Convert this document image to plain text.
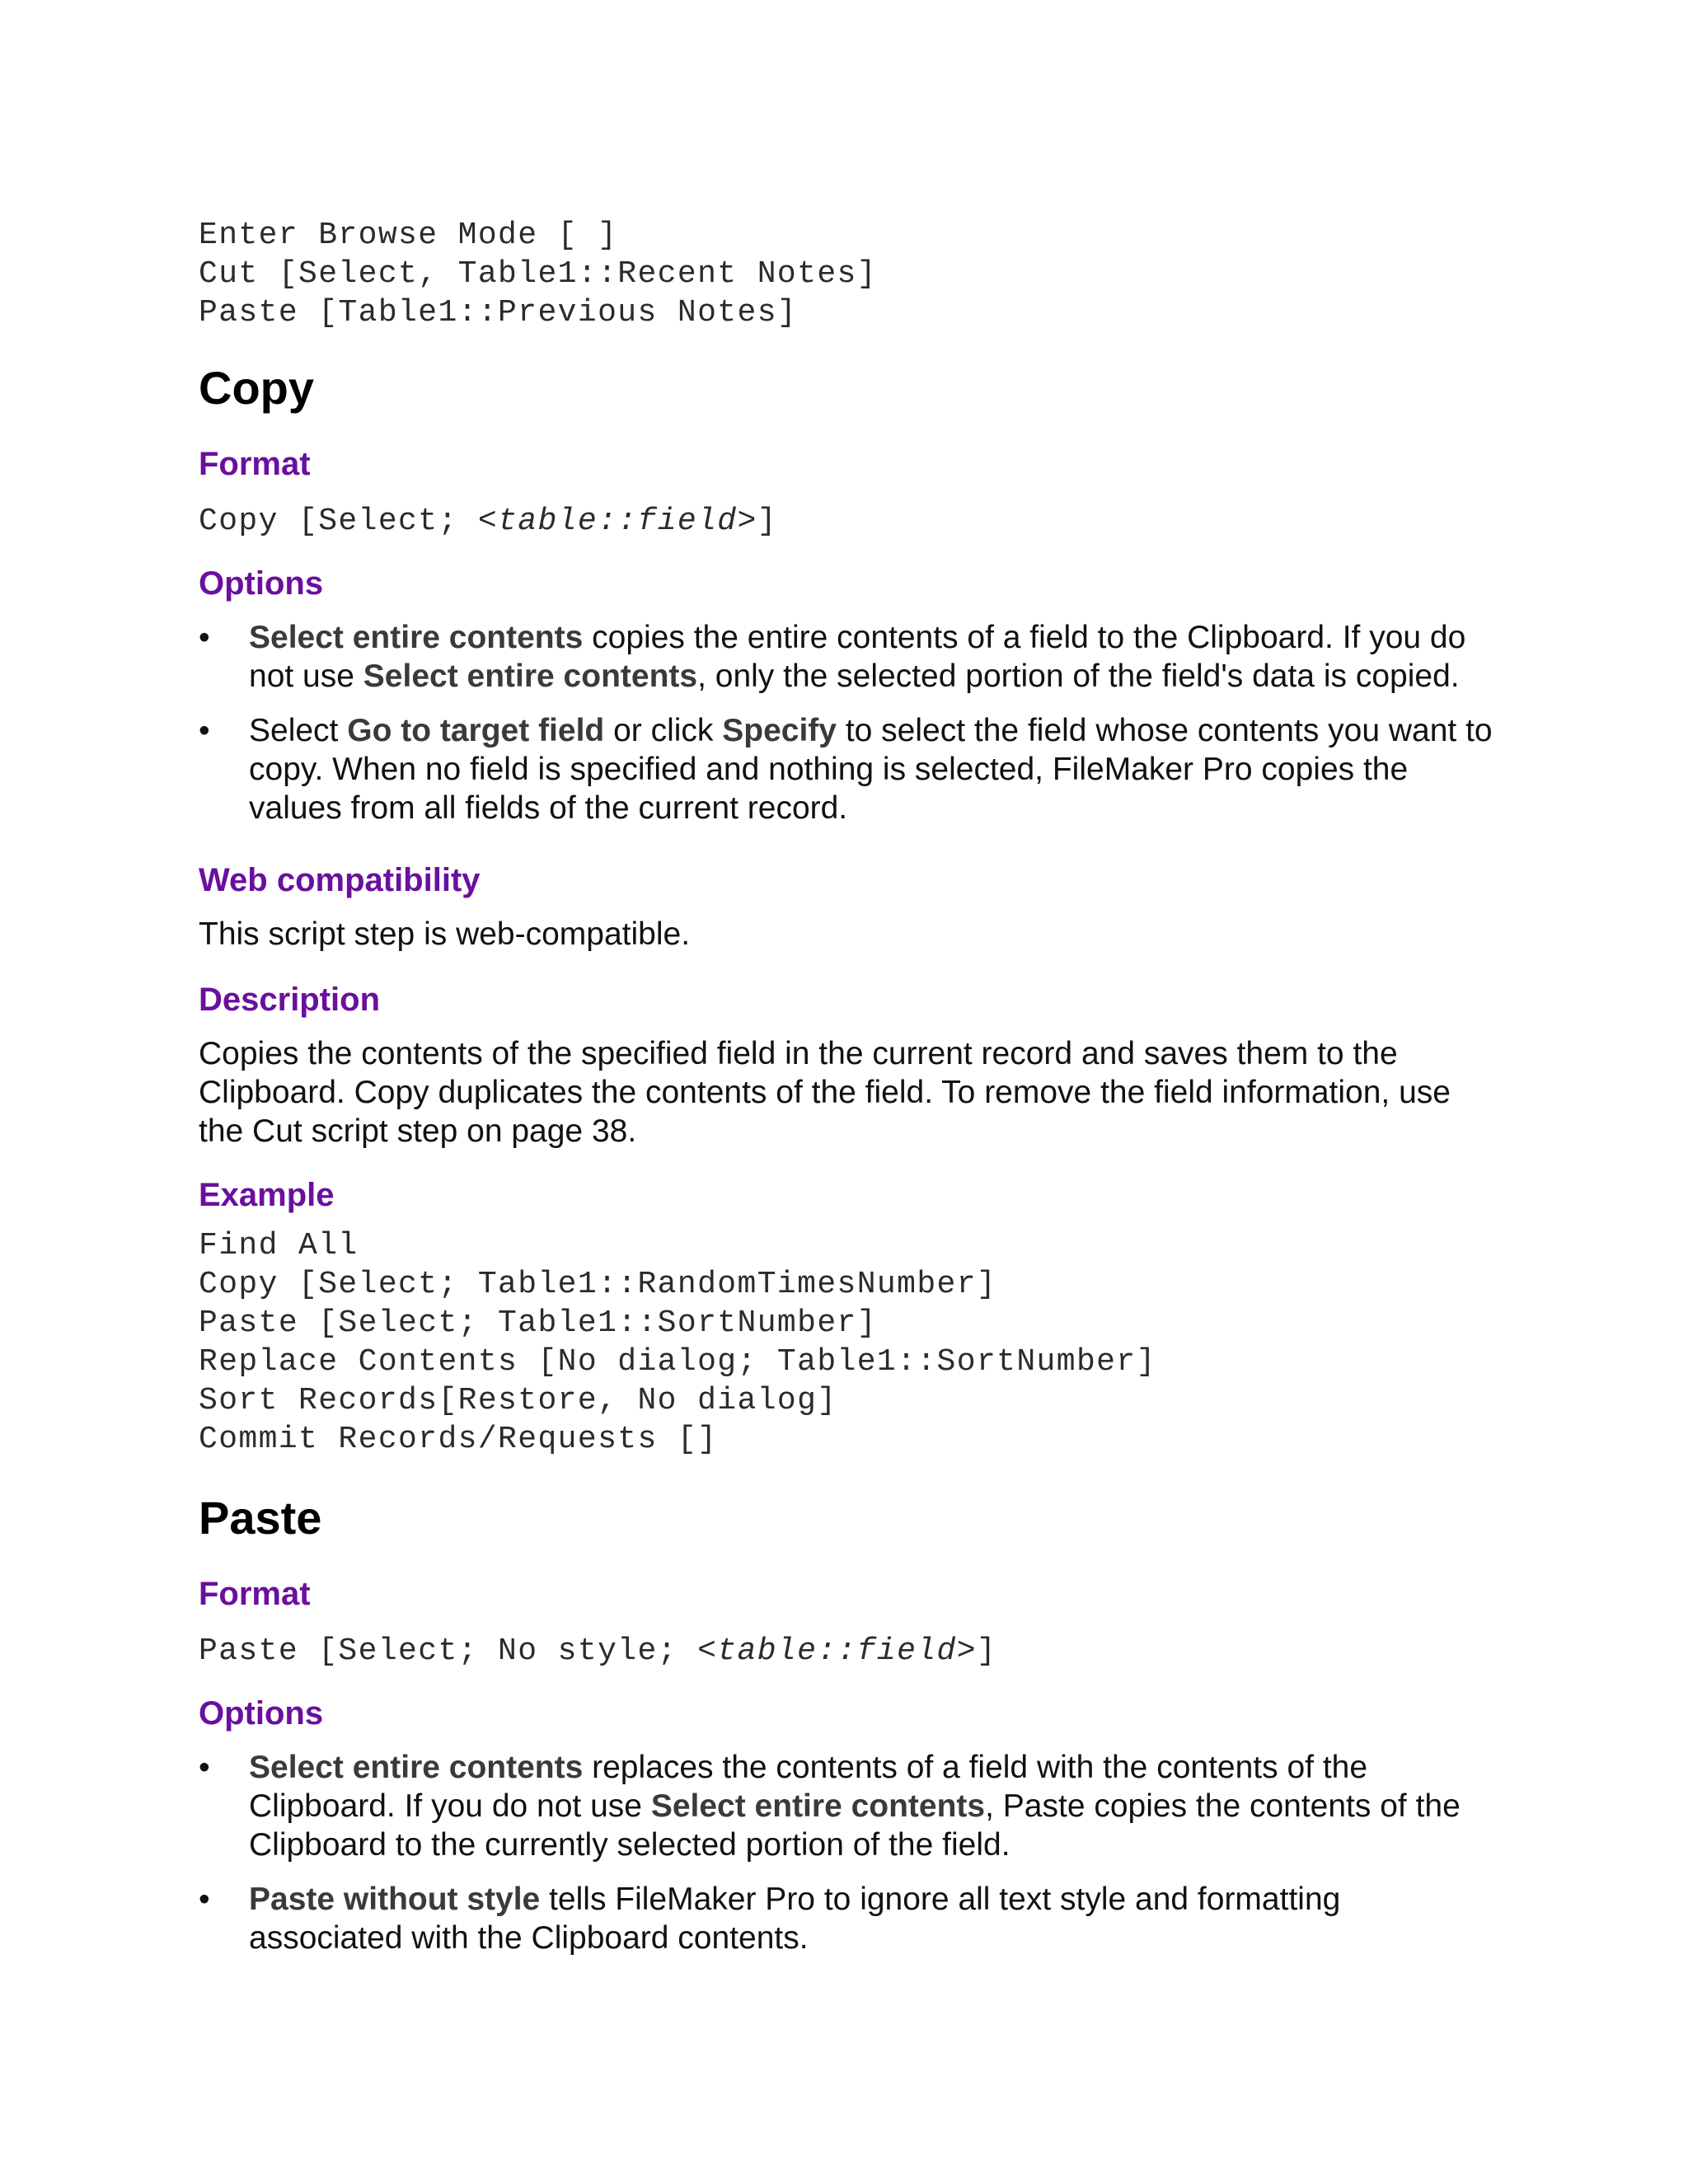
Enter Browse Mode [ ]
Cut [Select, Table1::Recent Notes]
Paste [Table1::Previous Notes]
Copy
Format
Copy [Select; <table::field>]
Options
•	Select entire contents copies the entire contents of a field to the Clipboard. If you do not use Select entire contents, only the selected portion of the field's data is copied.
•	Select Go to target field or click Specify to select the field whose contents you want to copy. When no field is specified and nothing is selected, FileMaker Pro copies the values from all fields of the current record.
Web compatibility

This script step is web-compatible.

Description

Copies the contents of the specified field in the current record and saves them to the Clipboard. Copy duplicates the contents of the field. To remove the field information, use the Cut script step on page 38.

Example
Find All
Copy [Select; Table1::RandomTimesNumber]
Paste [Select; Table1::SortNumber]
Replace Contents [No dialog; Table1::SortNumber]
Sort Records[Restore, No dialog]
Commit Records/Requests []
Paste
Format
Paste [Select; No style; <table::field>]
Options
•	Select entire contents replaces the contents of a field with the contents of the Clipboard. If you do not use Select entire contents, Paste copies the contents of the Clipboard to the currently selected portion of the field.
•	Paste without style tells FileMaker Pro to ignore all text style and formatting associated with the Clipboard contents.
